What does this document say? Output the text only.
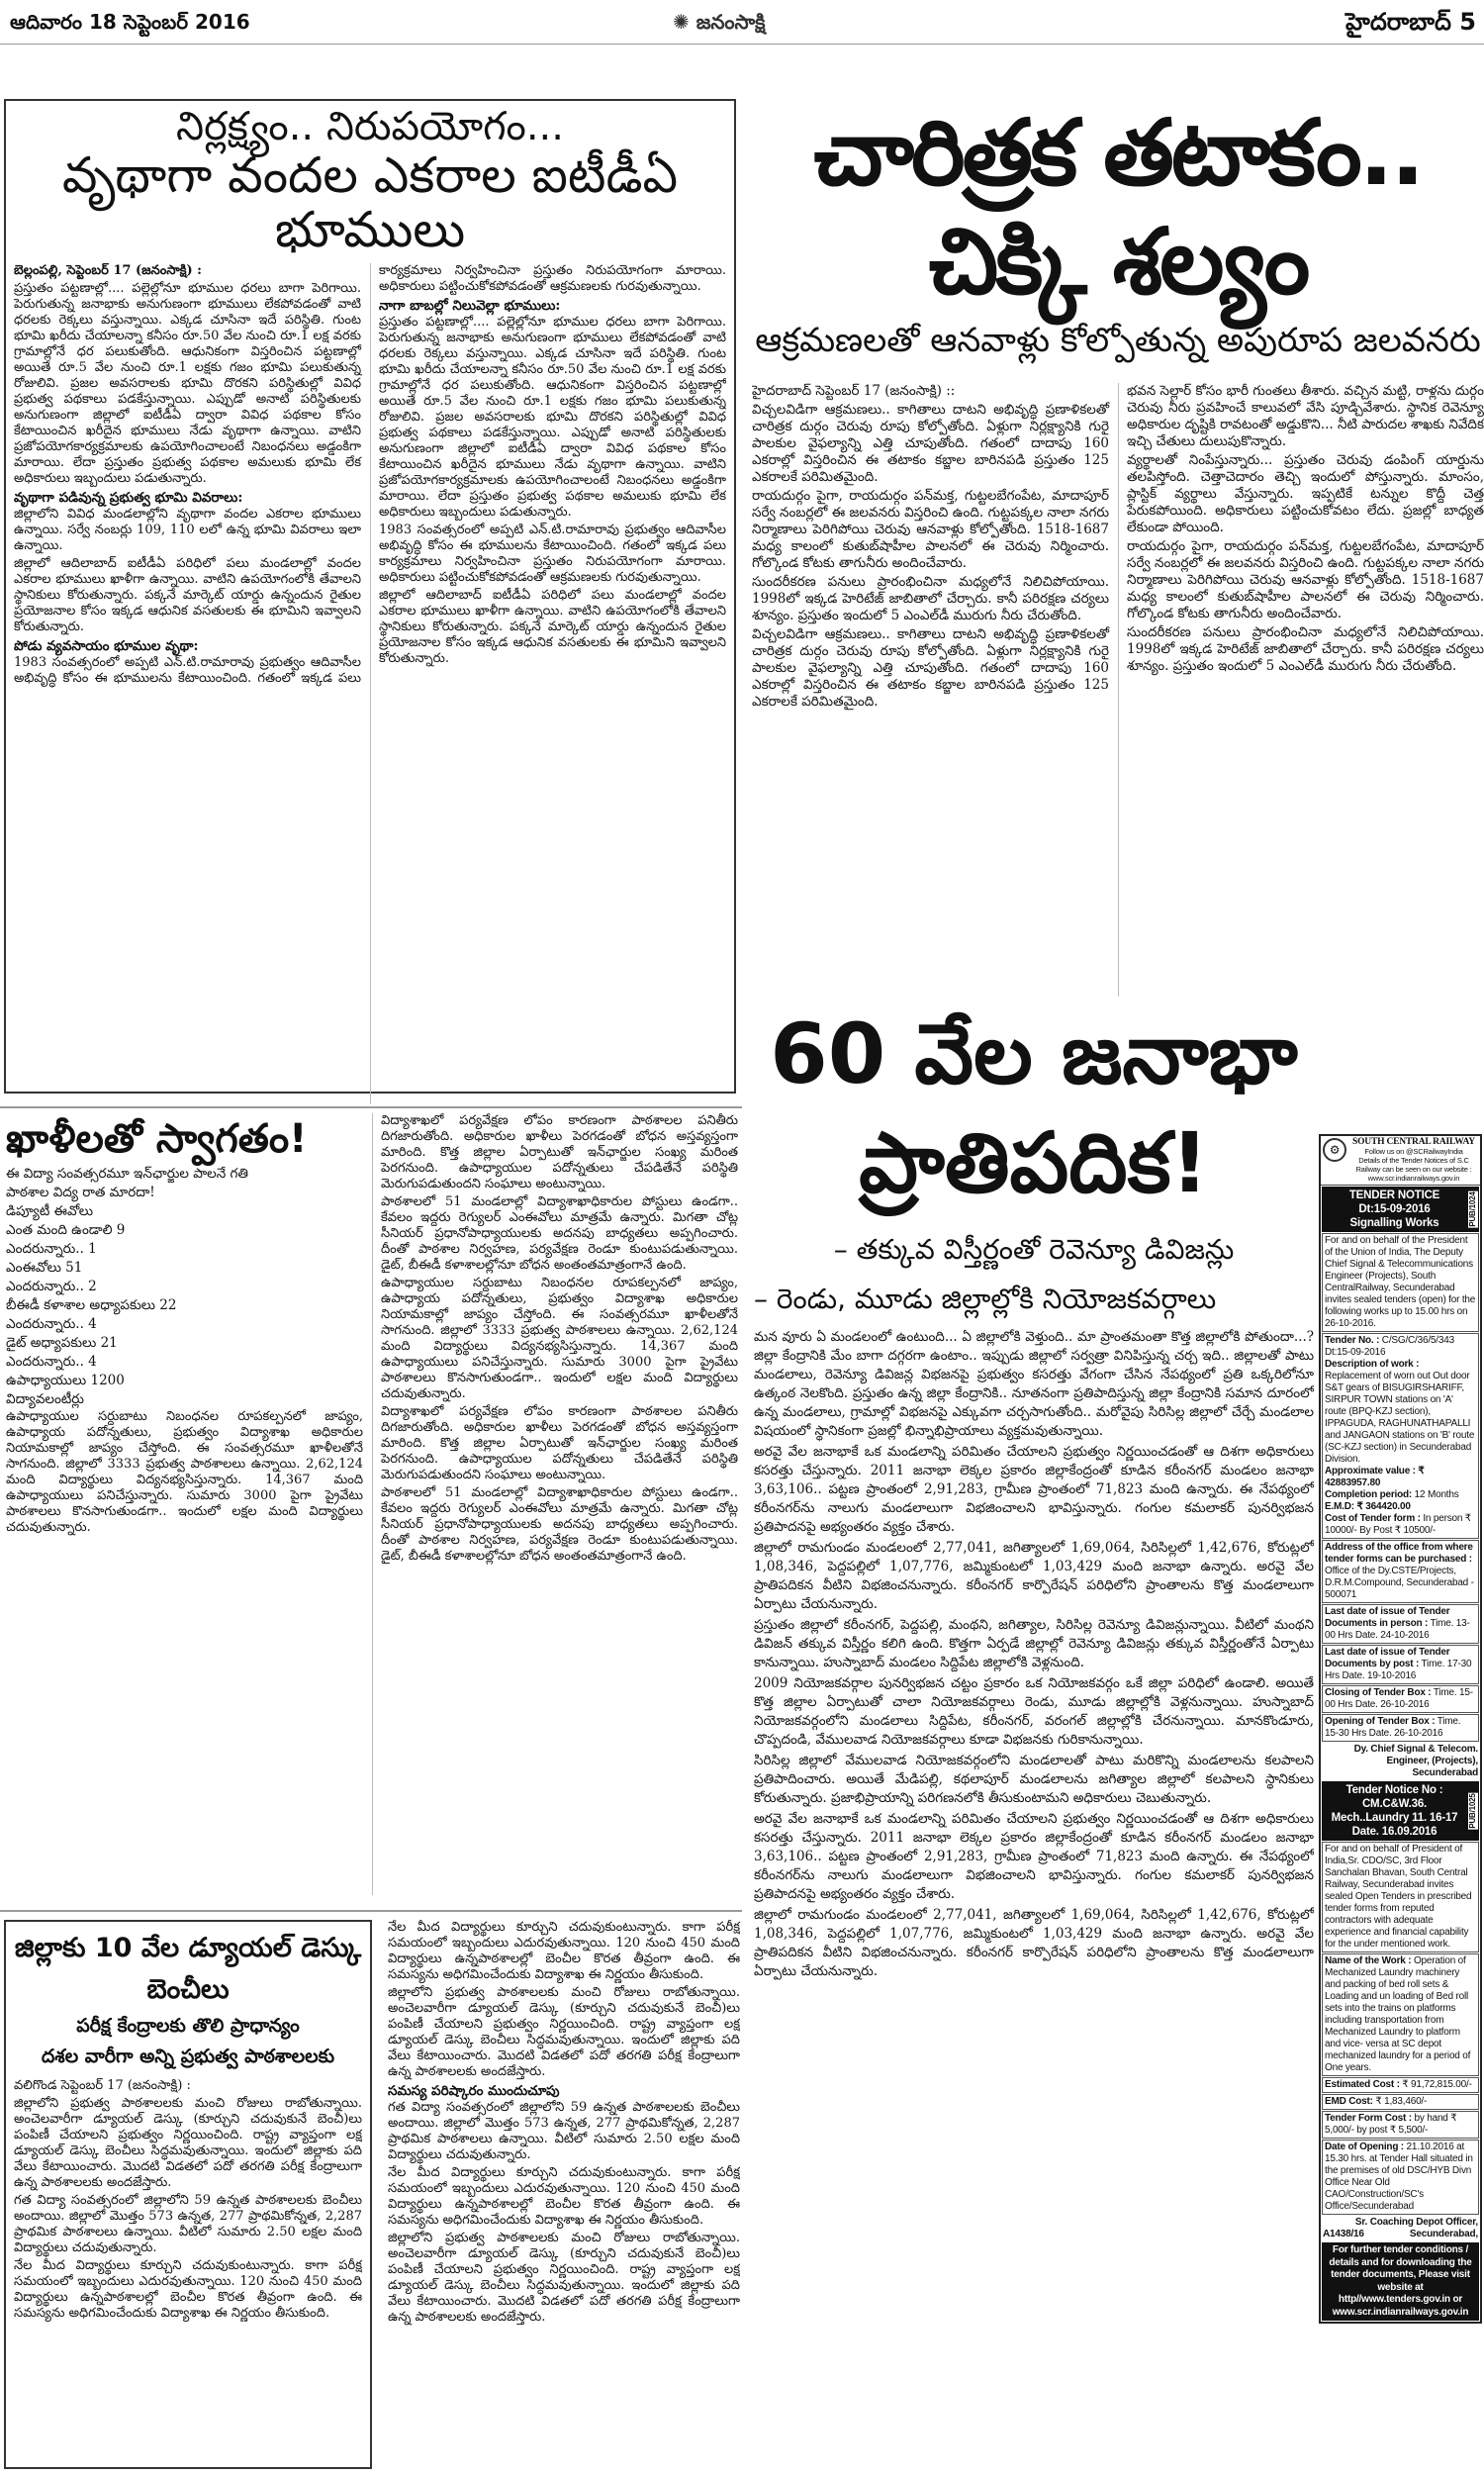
ఆదివారం 18 సెప్టెంబర్ 2016	✺ జనంసాక్షి	హైదరాబాద్ 5
నిర్లక్ష్యం.. నిరుపయోగం...
వృథాగా వందల ఎకరాల ఐటీడీఏ భూములు

బెల్లంపల్లి, సెప్టెంబర్ 17 (జనంసాక్షి) :

ప్రస్తుతం పట్టణాల్లో.... పల్లెల్లోనూ భూముల ధరలు బాగా పెరిగాయి. పెరుగుతున్న జనాభాకు అనుగుణంగా భూములు లేకపోవడంతో వాటి ధరలకు రెక్కలు వస్తున్నాయి. ఎక్కడ చూసినా ఇదే పరిస్థితి. గుంట భూమి ఖరీదు చేయాలన్నా కనీసం రూ.50 వేల నుంచి రూ.1 లక్ష వరకు గ్రామాల్లోనే ధర పలుకుతోంది. ఆధునికంగా విస్తరించిన పట్టణాల్లో అయితే రూ.5 వేల నుంచి రూ.1 లక్షకు గజం భూమి పలుకుతున్న రోజులివి. ప్రజల అవసరాలకు భూమి దొరకని పరిస్థితుల్లో వివిధ ప్రభుత్వ పథకాలు పడకేస్తున్నాయి. ఎప్పుడో అనాటి పరిస్థితులకు అనుగుణంగా జిల్లాలో ఐటీడీఏ ద్వారా వివిధ పథకాల కోసం కేటాయించిన ఖరీదైన భూములు నేడు వృథాగా ఉన్నాయి. వాటిని ప్రజోపయోగకార్యక్రమాలకు ఉపయోగించాలంటే నిబంధనలు అడ్డంకిగా మారాయి. లేదా ప్రస్తుతం ప్రభుత్వ పథకాల అమలుకు భూమి లేక అధికారులు ఇబ్బందులు పడుతున్నారు.

వృథాగా పడివున్న ప్రభుత్వ భూమి వివరాలు:

జిల్లాలోని వివిధ మండలాల్లోని వృథాగా వందల ఎకరాల భూములు ఉన్నాయి. సర్వే నంబర్లు 109, 110 లలో ఉన్న భూమి వివరాలు ఇలా ఉన్నాయి.

జిల్లాలో ఆదిలాబాద్ ఐటీడీఏ పరిధిలో పలు మండలాల్లో వందల ఎకరాల భూములు ఖాళీగా ఉన్నాయి. వాటిని ఉపయోగంలోకి తేవాలని స్థానికులు కోరుతున్నారు. పక్కనే మార్కెట్ యార్డు ఉన్నందున రైతుల ప్రయోజనాల కోసం ఇక్కడ ఆధునిక వసతులకు ఈ భూమిని ఇవ్వాలని కోరుతున్నారు.

పోడు వ్యవసాయం భూముల వృథా:

1983 సంవత్సరంలో అప్పటి ఎన్.టి.రామారావు ప్రభుత్వం ఆదివాసీల అభివృద్ధి కోసం ఈ భూములను కేటాయించింది. గతంలో ఇక్కడ పలు కార్యక్రమాలు నిర్వహించినా ప్రస్తుతం నిరుపయోగంగా మారాయి. అధికారులు పట్టించుకోకపోవడంతో ఆక్రమణలకు గురవుతున్నాయి.

నాగా బాబల్లో నిలువెల్లా భూములు:

ప్రస్తుతం పట్టణాల్లో.... పల్లెల్లోనూ భూముల ధరలు బాగా పెరిగాయి. పెరుగుతున్న జనాభాకు అనుగుణంగా భూములు లేకపోవడంతో వాటి ధరలకు రెక్కలు వస్తున్నాయి. ఎక్కడ చూసినా ఇదే పరిస్థితి. గుంట భూమి ఖరీదు చేయాలన్నా కనీసం రూ.50 వేల నుంచి రూ.1 లక్ష వరకు గ్రామాల్లోనే ధర పలుకుతోంది. ఆధునికంగా విస్తరించిన పట్టణాల్లో అయితే రూ.5 వేల నుంచి రూ.1 లక్షకు గజం భూమి పలుకుతున్న రోజులివి. ప్రజల అవసరాలకు భూమి దొరకని పరిస్థితుల్లో వివిధ ప్రభుత్వ పథకాలు పడకేస్తున్నాయి. ఎప్పుడో అనాటి పరిస్థితులకు అనుగుణంగా జిల్లాలో ఐటీడీఏ ద్వారా వివిధ పథకాల కోసం కేటాయించిన ఖరీదైన భూములు నేడు వృథాగా ఉన్నాయి. వాటిని ప్రజోపయోగకార్యక్రమాలకు ఉపయోగించాలంటే నిబంధనలు అడ్డంకిగా మారాయి. లేదా ప్రస్తుతం ప్రభుత్వ పథకాల అమలుకు భూమి లేక అధికారులు ఇబ్బందులు పడుతున్నారు.

1983 సంవత్సరంలో అప్పటి ఎన్.టి.రామారావు ప్రభుత్వం ఆదివాసీల అభివృద్ధి కోసం ఈ భూములను కేటాయించింది. గతంలో ఇక్కడ పలు కార్యక్రమాలు నిర్వహించినా ప్రస్తుతం నిరుపయోగంగా మారాయి. అధికారులు పట్టించుకోకపోవడంతో ఆక్రమణలకు గురవుతున్నాయి.

జిల్లాలో ఆదిలాబాద్ ఐటీడీఏ పరిధిలో పలు మండలాల్లో వందల ఎకరాల భూములు ఖాళీగా ఉన్నాయి. వాటిని ఉపయోగంలోకి తేవాలని స్థానికులు కోరుతున్నారు. పక్కనే మార్కెట్ యార్డు ఉన్నందున రైతుల ప్రయోజనాల కోసం ఇక్కడ ఆధునిక వసతులకు ఈ భూమిని ఇవ్వాలని కోరుతున్నారు.

చారిత్రక తటాకం.. చిక్కి శల్యం
ఆక్రమణలతో ఆనవాళ్లు కోల్పోతున్న అపురూప జలవనరు

హైదరాబాద్ సెప్టెంబర్ 17 (జనంసాక్షి) ::

విచ్చలవిడిగా ఆక్రమణలు.. కాగితాలు దాటని అభివృద్ధి ప్రణాళికలతో చారిత్రక దుర్గం చెరువు రూపు కోల్పోతోంది. ఏళ్లుగా నిర్లక్ష్యానికి గురై పాలకుల వైఫల్యాన్ని ఎత్తి చూపుతోంది. గతంలో దాదాపు 160 ఎకరాల్లో విస్తరించిన ఈ తటాకం కబ్జాల బారినపడి ప్రస్తుతం 125 ఎకరాలకే పరిమితమైంది.

రాయదుర్గం పైగా, రాయదుర్గం పన్‌మక్త, గుట్టలబేగంపేట, మాదాపూర్ సర్వే నంబర్లలో ఈ జలవనరు విస్తరించి ఉంది. గుట్టపక్కల నాలా నగరు నిర్మాణాలు పెరిగిపోయి చెరువు ఆనవాళ్లు కోల్పోతోంది. 1518-1687 మధ్య కాలంలో కుతుబ్‌షాహీల పాలనలో ఈ చెరువు నిర్మించారు. గోల్కొండ కోటకు తాగునీరు అందించేవారు.

సుందరీకరణ పనులు ప్రారంభించినా మధ్యలోనే నిలిచిపోయాయి. 1998లో ఇక్కడ హెరిటేజ్ జాబితాలో చేర్చారు. కానీ పరిరక్షణ చర్యలు శూన్యం. ప్రస్తుతం ఇందులో 5 ఎంఎల్‌డీ మురుగు నీరు చేరుతోంది.

విచ్చలవిడిగా ఆక్రమణలు.. కాగితాలు దాటని అభివృద్ధి ప్రణాళికలతో చారిత్రక దుర్గం చెరువు రూపు కోల్పోతోంది. ఏళ్లుగా నిర్లక్ష్యానికి గురై పాలకుల వైఫల్యాన్ని ఎత్తి చూపుతోంది. గతంలో దాదాపు 160 ఎకరాల్లో విస్తరించిన ఈ తటాకం కబ్జాల బారినపడి ప్రస్తుతం 125 ఎకరాలకే పరిమితమైంది.

భవన సెల్లార్ కోసం భారీ గుంతలు తీశారు. వచ్చిన మట్టి, రాళ్లను దుర్గం చెరువు నీరు ప్రవహించే కాలువలో వేసి పూడ్చివేశారు. స్థానిక రెవెన్యూ అధికారుల దృష్టికి రావటంతో అడ్డుకొని... నీటి పారుదల శాఖకు నివేదిక ఇచ్చి చేతులు దులుపుకొన్నారు.

వ్యర్థాలతో నింపేస్తున్నారు... ప్రస్తుతం చెరువు డంపింగ్ యార్డును తలపిస్తోంది. చెత్తాచెదారం తెచ్చి ఇందులో పోస్తున్నారు. మాంసం, ప్లాస్టిక్ వ్యర్థాలు వేస్తున్నారు. ఇప్పటికే టన్నుల కొద్దీ చెత్త పేరుకపోయింది. అధికారులు పట్టించుకోవటం లేదు. ప్రజల్లో బాధ్యత లేకుండా పోయింది.

రాయదుర్గం పైగా, రాయదుర్గం పన్‌మక్త, గుట్టలబేగంపేట, మాదాపూర్ సర్వే నంబర్లలో ఈ జలవనరు విస్తరించి ఉంది. గుట్టపక్కల నాలా నగరు నిర్మాణాలు పెరిగిపోయి చెరువు ఆనవాళ్లు కోల్పోతోంది. 1518-1687 మధ్య కాలంలో కుతుబ్‌షాహీల పాలనలో ఈ చెరువు నిర్మించారు. గోల్కొండ కోటకు తాగునీరు అందించేవారు.

సుందరీకరణ పనులు ప్రారంభించినా మధ్యలోనే నిలిచిపోయాయి. 1998లో ఇక్కడ హెరిటేజ్ జాబితాలో చేర్చారు. కానీ పరిరక్షణ చర్యలు శూన్యం. ప్రస్తుతం ఇందులో 5 ఎంఎల్‌డీ మురుగు నీరు చేరుతోంది.

ఖాళీలతో స్వాగతం!
ఈ విద్యా సంవత్సరమూ ఇన్‌ఛార్జుల పాలనే గతి
పాఠశాల విద్య రాత మారదా!
డిప్యూటీ ఈవోలు
ఎంత మంది ఉండాలి 9
ఎందరున్నారు.. 1
ఎంఈవోలు 51
ఎందరున్నారు.. 2
బీఈడీ కళాశాల అధ్యాపకులు 22
ఎందరున్నారు.. 4
డైట్ అధ్యాపకులు 21
ఎందరున్నారు.. 4
ఉపాధ్యాయులు 1200
విద్యావలంటీర్లు

ఉపాధ్యాయుల సర్దుబాటు నిబంధనల రూపకల్పనలో జాప్యం, ఉపాధ్యాయ పదోన్నతులు, ప్రభుత్వం విద్యాశాఖ అధికారుల నియామకాల్లో జాప్యం చేస్తోంది. ఈ సంవత్సరమూ ఖాళీలతోనే సాగనుంది. జిల్లాలో 3333 ప్రభుత్వ పాఠశాలలు ఉన్నాయి. 2,62,124 మంది విద్యార్థులు విద్యనభ్యసిస్తున్నారు. 14,367 మంది ఉపాధ్యాయులు పనిచేస్తున్నారు. సుమారు 3000 పైగా ప్రైవేటు పాఠశాలలు కొనసాగుతుండగా.. ఇందులో లక్షల మంది విద్యార్థులు చదువుతున్నారు.

విద్యాశాఖలో పర్యవేక్షణ లోపం కారణంగా పాఠశాలల పనితీరు దిగజారుతోంది. అధికారుల ఖాళీలు పెరగడంతో బోధన అస్తవ్యస్తంగా మారింది. కొత్త జిల్లాల ఏర్పాటుతో ఇన్‌ఛార్జుల సంఖ్య మరింత పెరగనుంది. ఉపాధ్యాయుల పదోన్నతులు చేపడితేనే పరిస్థితి మెరుగుపడుతుందని సంఘాలు అంటున్నాయి.

పాఠశాలలో 51 మండలాల్లో విద్యాశాఖాధికారుల పోస్టులు ఉండగా.. కేవలం ఇద్దరు రెగ్యులర్ ఎంఈవోలు మాత్రమే ఉన్నారు. మిగతా చోట్ల సీనియర్ ప్రధానోపాధ్యాయులకు అదనపు బాధ్యతలు అప్పగించారు. దీంతో పాఠశాల నిర్వహణ, పర్యవేక్షణ రెండూ కుంటుపడుతున్నాయి. డైట్, బీఈడీ కళాశాలల్లోనూ బోధన అంతంతమాత్రంగానే ఉంది.

ఉపాధ్యాయుల సర్దుబాటు నిబంధనల రూపకల్పనలో జాప్యం, ఉపాధ్యాయ పదోన్నతులు, ప్రభుత్వం విద్యాశాఖ అధికారుల నియామకాల్లో జాప్యం చేస్తోంది. ఈ సంవత్సరమూ ఖాళీలతోనే సాగనుంది. జిల్లాలో 3333 ప్రభుత్వ పాఠశాలలు ఉన్నాయి. 2,62,124 మంది విద్యార్థులు విద్యనభ్యసిస్తున్నారు. 14,367 మంది ఉపాధ్యాయులు పనిచేస్తున్నారు. సుమారు 3000 పైగా ప్రైవేటు పాఠశాలలు కొనసాగుతుండగా.. ఇందులో లక్షల మంది విద్యార్థులు చదువుతున్నారు.

విద్యాశాఖలో పర్యవేక్షణ లోపం కారణంగా పాఠశాలల పనితీరు దిగజారుతోంది. అధికారుల ఖాళీలు పెరగడంతో బోధన అస్తవ్యస్తంగా మారింది. కొత్త జిల్లాల ఏర్పాటుతో ఇన్‌ఛార్జుల సంఖ్య మరింత పెరగనుంది. ఉపాధ్యాయుల పదోన్నతులు చేపడితేనే పరిస్థితి మెరుగుపడుతుందని సంఘాలు అంటున్నాయి.

పాఠశాలలో 51 మండలాల్లో విద్యాశాఖాధికారుల పోస్టులు ఉండగా.. కేవలం ఇద్దరు రెగ్యులర్ ఎంఈవోలు మాత్రమే ఉన్నారు. మిగతా చోట్ల సీనియర్ ప్రధానోపాధ్యాయులకు అదనపు బాధ్యతలు అప్పగించారు. దీంతో పాఠశాల నిర్వహణ, పర్యవేక్షణ రెండూ కుంటుపడుతున్నాయి. డైట్, బీఈడీ కళాశాలల్లోనూ బోధన అంతంతమాత్రంగానే ఉంది.

జిల్లాకు 10 వేల డ్యూయల్ డెస్కు బెంచీలు
పరీక్ష కేంద్రాలకు తొలి ప్రాధాన్యం
దశల వారీగా అన్ని ప్రభుత్వ పాఠశాలలకు

వలిగొండ సెప్టెంబర్ 17 (జనంసాక్షి) :

జిల్లాలోని ప్రభుత్వ పాఠశాలలకు మంచి రోజులు రాబోతున్నాయి. అంచెలవారీగా డ్యూయల్ డెస్కు (కూర్చుని చదువుకునే బెంచీ)లు పంపిణీ చేయాలని ప్రభుత్వం నిర్ణయించింది. రాష్ట్ర వ్యాప్తంగా లక్ష డ్యూయల్ డెస్కు బెంచీలు సిద్ధమవుతున్నాయి. ఇందులో జిల్లాకు పది వేలు కేటాయించారు. మొదటి విడతలో పదో తరగతి పరీక్ష కేంద్రాలుగా ఉన్న పాఠశాలలకు అందజేస్తారు.

గత విద్యా సంవత్సరంలో జిల్లాలోని 59 ఉన్నత పాఠశాలలకు బెంచీలు అందాయి. జిల్లాలో మొత్తం 573 ఉన్నత, 277 ప్రాథమికోన్నత, 2,287 ప్రాథమిక పాఠశాలలు ఉన్నాయి. వీటిలో సుమారు 2.50 లక్షల మంది విద్యార్థులు చదువుతున్నారు.

నేల మీద విద్యార్థులు కూర్చుని చదువుకుంటున్నారు. కాగా పరీక్ష సమయంలో ఇబ్బందులు ఎదురవుతున్నాయి. 120 నుంచి 450 మంది విద్యార్థులు ఉన్నపాఠశాలల్లో బెంచీల కొరత తీవ్రంగా ఉంది. ఈ సమస్యను అధిగమించేందుకు విద్యాశాఖ ఈ నిర్ణయం తీసుకుంది.

నేల మీద విద్యార్థులు కూర్చుని చదువుకుంటున్నారు. కాగా పరీక్ష సమయంలో ఇబ్బందులు ఎదురవుతున్నాయి. 120 నుంచి 450 మంది విద్యార్థులు ఉన్నపాఠశాలల్లో బెంచీల కొరత తీవ్రంగా ఉంది. ఈ సమస్యను అధిగమించేందుకు విద్యాశాఖ ఈ నిర్ణయం తీసుకుంది.

జిల్లాలోని ప్రభుత్వ పాఠశాలలకు మంచి రోజులు రాబోతున్నాయి. అంచెలవారీగా డ్యూయల్ డెస్కు (కూర్చుని చదువుకునే బెంచీ)లు పంపిణీ చేయాలని ప్రభుత్వం నిర్ణయించింది. రాష్ట్ర వ్యాప్తంగా లక్ష డ్యూయల్ డెస్కు బెంచీలు సిద్ధమవుతున్నాయి. ఇందులో జిల్లాకు పది వేలు కేటాయించారు. మొదటి విడతలో పదో తరగతి పరీక్ష కేంద్రాలుగా ఉన్న పాఠశాలలకు అందజేస్తారు.

సమస్య పరిష్కారం ముందుచూపు

గత విద్యా సంవత్సరంలో జిల్లాలోని 59 ఉన్నత పాఠశాలలకు బెంచీలు అందాయి. జిల్లాలో మొత్తం 573 ఉన్నత, 277 ప్రాథమికోన్నత, 2,287 ప్రాథమిక పాఠశాలలు ఉన్నాయి. వీటిలో సుమారు 2.50 లక్షల మంది విద్యార్థులు చదువుతున్నారు.

నేల మీద విద్యార్థులు కూర్చుని చదువుకుంటున్నారు. కాగా పరీక్ష సమయంలో ఇబ్బందులు ఎదురవుతున్నాయి. 120 నుంచి 450 మంది విద్యార్థులు ఉన్నపాఠశాలల్లో బెంచీల కొరత తీవ్రంగా ఉంది. ఈ సమస్యను అధిగమించేందుకు విద్యాశాఖ ఈ నిర్ణయం తీసుకుంది.

జిల్లాలోని ప్రభుత్వ పాఠశాలలకు మంచి రోజులు రాబోతున్నాయి. అంచెలవారీగా డ్యూయల్ డెస్కు (కూర్చుని చదువుకునే బెంచీ)లు పంపిణీ చేయాలని ప్రభుత్వం నిర్ణయించింది. రాష్ట్ర వ్యాప్తంగా లక్ష డ్యూయల్ డెస్కు బెంచీలు సిద్ధమవుతున్నాయి. ఇందులో జిల్లాకు పది వేలు కేటాయించారు. మొదటి విడతలో పదో తరగతి పరీక్ష కేంద్రాలుగా ఉన్న పాఠశాలలకు అందజేస్తారు.

60 వేల జనాభా
ప్రాతిపదిక!
– తక్కువ విస్తీర్ణంతో రెవెన్యూ డివిజన్లు
– రెండు, మూడు జిల్లాల్లోకి నియోజకవర్గాలు

మన వూరు ఏ మండలంలో ఉంటుంది... ఏ జిల్లాలోకి వెళ్తుంది.. మా ప్రాంతమంతా కొత్త జిల్లాలోకి పోతుందా...? జిల్లా కేంద్రానికి మేం బాగా దగ్గరగా ఉంటాం.. ఇప్పుడు జిల్లాలో సర్వత్రా వినిపిస్తున్న చర్చ ఇది.. జిల్లాలతో పాటు మండలాలు, రెవెన్యూ డివిజన్ల విభజనపై ప్రభుత్వం కసరత్తు వేగంగా చేసిన నేపథ్యంలో ప్రతి ఒక్కరిలోనూ ఉత్కంఠ నెలకొంది. ప్రస్తుతం ఉన్న జిల్లా కేంద్రానికి.. నూతనంగా ప్రతిపాదిస్తున్న జిల్లా కేంద్రానికి సమాన దూరంలో ఉన్న మండలాలు, గ్రామాల్లో విభజనపై ఎక్కువగా చర్చసాగుతోంది.. మరోవైపు సిరిసిల్ల జిల్లాలో చేర్చే మండలాల విషయంలో స్థానికంగా ప్రజల్లో భిన్నాభిప్రాయాలు వ్యక్తమవుతున్నాయి.

అరవై వేల జనాభాకే ఒక మండలాన్ని పరిమితం చేయాలని ప్రభుత్వం నిర్ణయించడంతో ఆ దిశగా అధికారులు కసరత్తు చేస్తున్నారు. 2011 జనాభా లెక్కల ప్రకారం జిల్లాకేంద్రంతో కూడిన కరీంనగర్ మండలం జనాభా 3,63,106.. పట్టణ ప్రాంతంలో 2,91,283, గ్రామీణ ప్రాంతంలో 71,823 మంది ఉన్నారు. ఈ నేపథ్యంలో కరీంనగర్‌ను నాలుగు మండలాలుగా విభజించాలని భావిస్తున్నారు. గంగుల కమలాకర్ పునర్విభజన ప్రతిపాదనపై అభ్యంతరం వ్యక్తం చేశారు.

జిల్లాలో రామగుండం మండలంలో 2,77,041, జగిత్యాలలో 1,69,064, సిరిసిల్లలో 1,42,676, కోరుట్లలో 1,08,346, పెద్దపల్లిలో 1,07,776, జమ్మికుంటలో 1,03,429 మంది జనాభా ఉన్నారు. అరవై వేల ప్రాతిపదికన వీటిని విభజించనున్నారు. కరీంనగర్ కార్పొరేషన్ పరిధిలోని ప్రాంతాలను కొత్త మండలాలుగా ఏర్పాటు చేయనున్నారు.

ప్రస్తుతం జిల్లాలో కరీంనగర్, పెద్దపల్లి, మంథని, జగిత్యాల, సిరిసిల్ల రెవెన్యూ డివిజన్లున్నాయి. వీటిలో మంథని డివిజన్ తక్కువ విస్తీర్ణం కలిగి ఉంది. కొత్తగా ఏర్పడే జిల్లాల్లో రెవెన్యూ డివిజన్లు తక్కువ విస్తీర్ణంతోనే ఏర్పాటు కానున్నాయి. హుస్నాబాద్ మండలం సిద్దిపేట జిల్లాలోకి వెళ్లనుంది.

2009 నియోజకవర్గాల పునర్విభజన చట్టం ప్రకారం ఒక నియోజకవర్గం ఒకే జిల్లా పరిధిలో ఉండాలి. అయితే కొత్త జిల్లాల ఏర్పాటుతో చాలా నియోజకవర్గాలు రెండు, మూడు జిల్లాల్లోకి వెళ్లనున్నాయి. హుస్నాబాద్ నియోజకవర్గంలోని మండలాలు సిద్దిపేట, కరీంనగర్, వరంగల్ జిల్లాల్లోకి చేరనున్నాయి. మానకొండూరు, చొప్పదండి, వేములవాడ నియోజకవర్గాలు కూడా విభజనకు గురికానున్నాయి.

సిరిసిల్ల జిల్లాలో వేములవాడ నియోజకవర్గంలోని మండలాలతో పాటు మరికొన్ని మండలాలను కలపాలని ప్రతిపాదించారు. అయితే మేడిపల్లి, కథలాపూర్ మండలాలను జగిత్యాల జిల్లాలో కలపాలని స్థానికులు కోరుతున్నారు. ప్రజాభిప్రాయాన్ని పరిగణనలోకి తీసుకుంటామని అధికారులు చెబుతున్నారు.

అరవై వేల జనాభాకే ఒక మండలాన్ని పరిమితం చేయాలని ప్రభుత్వం నిర్ణయించడంతో ఆ దిశగా అధికారులు కసరత్తు చేస్తున్నారు. 2011 జనాభా లెక్కల ప్రకారం జిల్లాకేంద్రంతో కూడిన కరీంనగర్ మండలం జనాభా 3,63,106.. పట్టణ ప్రాంతంలో 2,91,283, గ్రామీణ ప్రాంతంలో 71,823 మంది ఉన్నారు. ఈ నేపథ్యంలో కరీంనగర్‌ను నాలుగు మండలాలుగా విభజించాలని భావిస్తున్నారు. గంగుల కమలాకర్ పునర్విభజన ప్రతిపాదనపై అభ్యంతరం వ్యక్తం చేశారు.

జిల్లాలో రామగుండం మండలంలో 2,77,041, జగిత్యాలలో 1,69,064, సిరిసిల్లలో 1,42,676, కోరుట్లలో 1,08,346, పెద్దపల్లిలో 1,07,776, జమ్మికుంటలో 1,03,429 మంది జనాభా ఉన్నారు. అరవై వేల ప్రాతిపదికన వీటిని విభజించనున్నారు. కరీంనగర్ కార్పొరేషన్ పరిధిలోని ప్రాంతాలను కొత్త మండలాలుగా ఏర్పాటు చేయనున్నారు.

⚙
SOUTH CENTRAL RAILWAY
Follow us on @SCRailwayIndia
Details of the Tender Notices of S.C Railway can be seen on our website : www.scr.indianrailways.gov.in
TENDER NOTICE
Dt:15-09-2016
Signalling Works	PUB/1024
For and on behalf of the President of the Union of India, The Deputy Chief Signal & Telecommunications Engineer (Projects), South CentralRailway, Secunderabad invites sealed tenders (open) for the following works up to 15.00 hrs on 26-10-2016.
Tender No. : C/SG/C/36/5/343 Dt:15-09-2016
Description of work : Replacement of worn out Out door S&T gears of BISUGIRSHARIFF, SIRPUR TOWN stations on 'A' route (BPQ-KZJ section), IPPAGUDA, RAGHUNATHAPALLI and JANGAON stations on 'B' route (SC-KZJ section) in Secunderabad Division.
Approximate value : ₹ 42883957.80
Completion period: 12 Months
E.M.D: ₹ 364420.00
Cost of Tender form : In person ₹ 10000/- By Post ₹ 10500/-
Address of the office from where tender forms can be purchased : Office of the Dy.CSTE/Projects, D.R.M.Compound, Secunderabad - 500071
Last date of issue of Tender Documents in person : Time. 13-00 Hrs Date. 24-10-2016
Last date of issue of Tender Documents by post : Time. 17-30 Hrs Date. 19-10-2016
Closing of Tender Box : Time. 15-00 Hrs Date. 26-10-2016
Opening of Tender Box : Time. 15-30 Hrs Date. 26-10-2016
Dy. Chief Signal & Telecom. Engineer, (Projects), Secunderabad
Tender Notice No : CM.C&W.36. Mech..Laundry 11. 16-17 Date. 16.09.2016
PUB/1025
For and on behalf of President of India,Sr. CDO/SC, 3rd Floor Sanchalan Bhavan, South Central Railway, Secunderabad invites sealed Open Tenders in prescribed tender forms from reputed contractors with adequate experience and financial capability for the under mentioned work.
Name of the Work : Operation of Mechanized Laundry machinery and packing of bed roll sets & Loading and un loading of Bed roll sets into the trains on platforms including transportation from Mechanized Laundry to platform and vice- versa at SC depot mechanized laundry for a period of One years.
Estimated Cost : ₹ 91,72,815.00/-
EMD Cost: ₹ 1,83,460/-
Tender Form Cost : by hand ₹ 5,000/- by post ₹ 5,500/-
Date of Opening : 21.10.2016 at 15.30 hrs. at Tender Hall situated in the premises of old DSC/HYB Divn Office Near Old CAO/Construction/SC's Office/Secunderabad
Sr. Coaching Depot Officer,
A1438/16	Secunderabad,
For further tender conditions / details and for downloading the tender documents, Please visit website at http//www.tenders.gov.in or www.scr.indianrailways.gov.in
